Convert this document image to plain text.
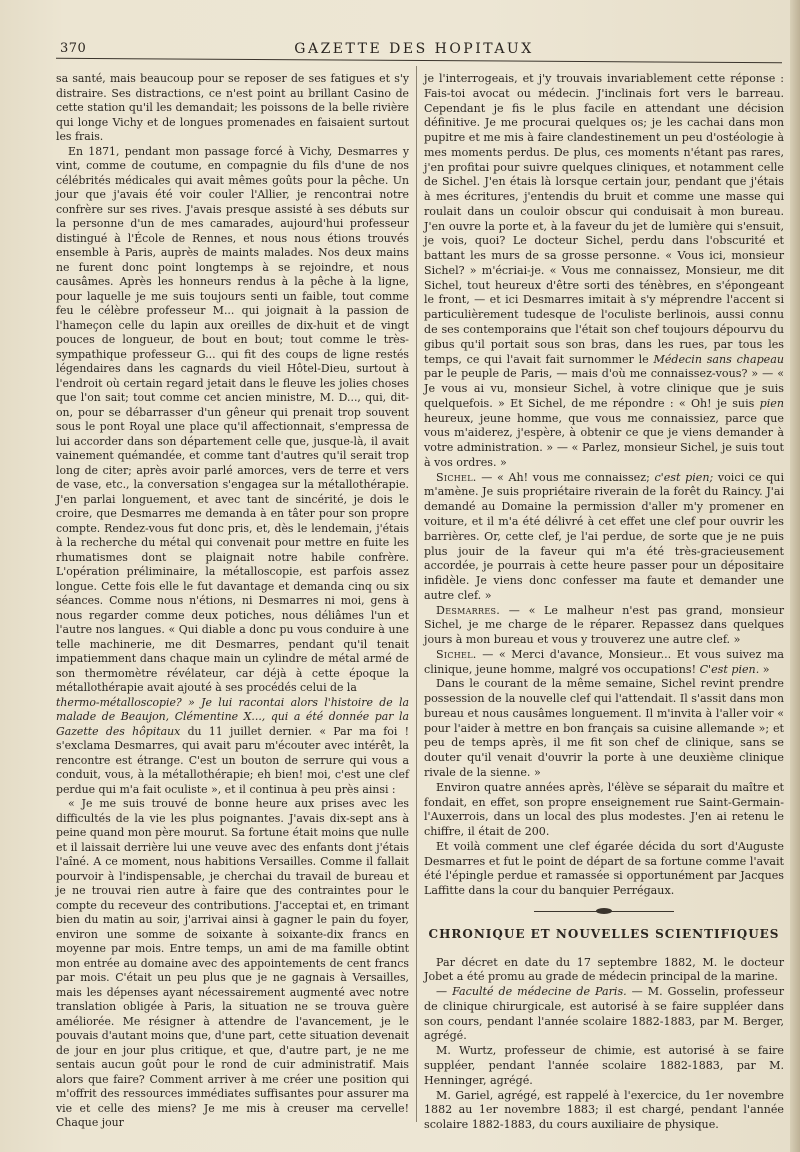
370	GAZETTE DES HOPITAUX

sa santé, mais beaucoup pour se reposer de ses fatigues et s'y distraire. Ses distractions, ce n'est point au brillant Casino de cette station qu'il les demandait; les poissons de la belle rivière qui longe Vichy et de longues promenades en faisaient surtout les frais.

En 1871, pendant mon passage forcé à Vichy, Desmarres y vint, comme de coutume, en compagnie du fils d'une de nos célébrités médicales qui avait mêmes goûts pour la pêche. Un jour que j'avais été voir couler l'Allier, je rencontrai notre confrère sur ses rives. J'avais presque assisté à ses débuts sur la personne d'un de mes camarades, aujourd'hui professeur distingué à l'École de Rennes, et nous nous étions trouvés ensemble à Paris, auprès de maints malades. Nos deux mains ne furent donc point longtemps à se rejoindre, et nous causâmes. Après les honneurs rendus à la pêche à la ligne, pour laquelle je me suis toujours senti un faible, tout comme feu le célèbre professeur M... qui joignait à la passion de l'hameçon celle du lapin aux oreilles de dix-huit et de vingt pouces de longueur, de bout en bout; tout comme le très-sympathique professeur G... qui fit des coups de ligne restés légendaires dans les cagnards du vieil Hôtel-Dieu, surtout à l'endroit où certain regard jetait dans le fleuve les jolies choses que l'on sait; tout comme cet ancien ministre, M. D..., qui, dit-on, pour se débarrasser d'un gêneur qui prenait trop souvent sous le pont Royal une place qu'il affectionnait, s'empressa de lui accorder dans son département celle que, jusque-là, il avait vainement quémandée, et comme tant d'autres qu'il serait trop long de citer; après avoir parlé amorces, vers de terre et vers de vase, etc., la conversation s'engagea sur la métallothérapie. J'en parlai longuement, et avec tant de sincérité, je dois le croire, que Desmarres me demanda à en tâter pour son propre compte. Rendez-vous fut donc pris, et, dès le lendemain, j'étais à la recherche du métal qui convenait pour mettre en fuite les rhumatismes dont se plaignait notre habile confrère. L'opération préliminaire, la métalloscopie, est parfois assez longue. Cette fois elle le fut davantage et demanda cinq ou six séances. Comme nous n'étions, ni Desmarres ni moi, gens à nous regarder comme deux potiches, nous déliâmes l'un et l'autre nos langues. « Qui diable a donc pu vous conduire à une telle machinerie, me dit Desmarres, pendant qu'il tenait impatiemment dans chaque main un cylindre de métal armé de son thermomètre révélateur, car déjà à cette époque la métallothérapie avait ajouté à ses procédés celui de la

thermo-métalloscopie? » Je lui racontai alors l'histoire de la malade de Beaujon, Clémentine X..., qui a été donnée par la Gazette des hôpitaux du 11 juillet dernier. « Par ma foi ! s'exclama Desmarres, qui avait paru m'écouter avec intérêt, la rencontre est étrange. C'est un bouton de serrure qui vous a conduit, vous, à la métallothérapie; eh bien! moi, c'est une clef perdue qui m'a fait oculiste », et il continua à peu près ainsi :

« Je me suis trouvé de bonne heure aux prises avec les difficultés de la vie les plus poignantes. J'avais dix-sept ans à peine quand mon père mourut. Sa fortune était moins que nulle et il laissait derrière lui une veuve avec des enfants dont j'étais l'aîné. A ce moment, nous habitions Versailles. Comme il fallait pourvoir à l'indispensable, je cherchai du travail de bureau et je ne trouvai rien autre à faire que des contraintes pour le compte du receveur des contributions. J'acceptai et, en trimant bien du matin au soir, j'arrivai ainsi à gagner le pain du foyer, environ une somme de soixante à soixante-dix francs en moyenne par mois. Entre temps, un ami de ma famille obtint mon entrée au domaine avec des appointements de cent francs par mois. C'était un peu plus que je ne gagnais à Versailles, mais les dépenses ayant nécessairement augmenté avec notre translation obligée à Paris, la situation ne se trouva guère améliorée. Me résigner à attendre de l'avancement, je le pouvais d'autant moins que, d'une part, cette situation devenait de jour en jour plus critique, et que, d'autre part, je ne me sentais aucun goût pour le rond de cuir administratif. Mais alors que faire? Comment arriver à me créer une position qui m'offrit des ressources immédiates suffisantes pour assurer ma vie et celle des miens? Je me mis à creuser ma cervelle! Chaque jour

je l'interrogeais, et j'y trouvais invariablement cette réponse : Fais-toi avocat ou médecin. J'inclinais fort vers le barreau. Cependant je fis le plus facile en attendant une décision définitive. Je me procurai quelques os; je les cachai dans mon pupitre et me mis à faire clandestinement un peu d'ostéologie à mes moments perdus. De plus, ces moments n'étant pas rares, j'en profitai pour suivre quelques cliniques, et notamment celle de Sichel. J'en étais là lorsque certain jour, pendant que j'étais à mes écritures, j'entendis du bruit et comme une masse qui roulait dans un couloir obscur qui conduisait à mon bureau. J'en ouvre la porte et, à la faveur du jet de lumière qui s'ensuit, je vois, quoi? Le docteur Sichel, perdu dans l'obscurité et battant les murs de sa grosse personne. « Vous ici, monsieur Sichel? » m'écriai-je. « Vous me connaissez, Monsieur, me dit Sichel, tout heureux d'être sorti des ténèbres, en s'épongeant le front, — et ici Desmarres imitait à s'y méprendre l'accent si particulièrement tudesque de l'oculiste berlinois, aussi connu de ses contemporains que l'était son chef toujours dépourvu du gibus qu'il portait sous son bras, dans les rues, par tous les temps, ce qui l'avait fait surnommer le Médecin sans chapeau par le peuple de Paris, — mais d'où me connaissez-vous? » — « Je vous ai vu, monsieur Sichel, à votre clinique que je suis quelquefois. » Et Sichel, de me répondre : « Oh! je suis pien heureux, jeune homme, que vous me connaissiez, parce que vous m'aiderez, j'espère, à obtenir ce que je viens demander à votre administration. » — « Parlez, monsieur Sichel, je suis tout à vos ordres. »

Sichel. — « Ah! vous me connaissez; c'est pien; voici ce qui m'amène. Je suis propriétaire riverain de la forêt du Raincy. J'ai demandé au Domaine la permission d'aller m'y promener en voiture, et il m'a été délivré à cet effet une clef pour ouvrir les barrières. Or, cette clef, je l'ai perdue, de sorte que je ne puis plus jouir de la faveur qui m'a été très-gracieusement accordée, je pourrais à cette heure passer pour un dépositaire infidèle. Je viens donc confesser ma faute et demander une autre clef. »

Desmarres. — « Le malheur n'est pas grand, monsieur Sichel, je me charge de le réparer. Repassez dans quelques jours à mon bureau et vous y trouverez une autre clef. »

Sichel. — « Merci d'avance, Monsieur... Et vous suivez ma clinique, jeune homme, malgré vos occupations! C'est pien. »

Dans le courant de la même semaine, Sichel revint prendre possession de la nouvelle clef qui l'attendait. Il s'assit dans mon bureau et nous causâmes longuement. Il m'invita à l'aller voir « pour l'aider à mettre en bon français sa cuisine allemande »; et peu de temps après, il me fit son chef de clinique, sans se douter qu'il venait d'ouvrir la porte à une deuxième clinique rivale de la sienne. »

Environ quatre années après, l'élève se séparait du maître et fondait, en effet, son propre enseignement rue Saint-Germain-l'Auxerrois, dans un local des plus modestes. J'en ai retenu le chiffre, il était de 200.

Et voilà comment une clef égarée décida du sort d'Auguste Desmarres et fut le point de départ de sa fortune comme l'avait été l'épingle perdue et ramassée si opportunément par Jacques Laffitte dans la cour du banquier Perrégaux.

CHRONIQUE ET NOUVELLES SCIENTIFIQUES

Par décret en date du 17 septembre 1882, M. le docteur Jobet a été promu au grade de médecin principal de la marine.

— Faculté de médecine de Paris. — M. Gosselin, professeur de clinique chirurgicale, est autorisé à se faire suppléer dans son cours, pendant l'année scolaire 1882-1883, par M. Berger, agrégé.

M. Wurtz, professeur de chimie, est autorisé à se faire suppléer, pendant l'année scolaire 1882-1883, par M. Henninger, agrégé.

M. Gariel, agrégé, est rappelé à l'exercice, du 1er novembre 1882 au 1er novembre 1883; il est chargé, pendant l'année scolaire 1882-1883, du cours auxiliaire de physique.
